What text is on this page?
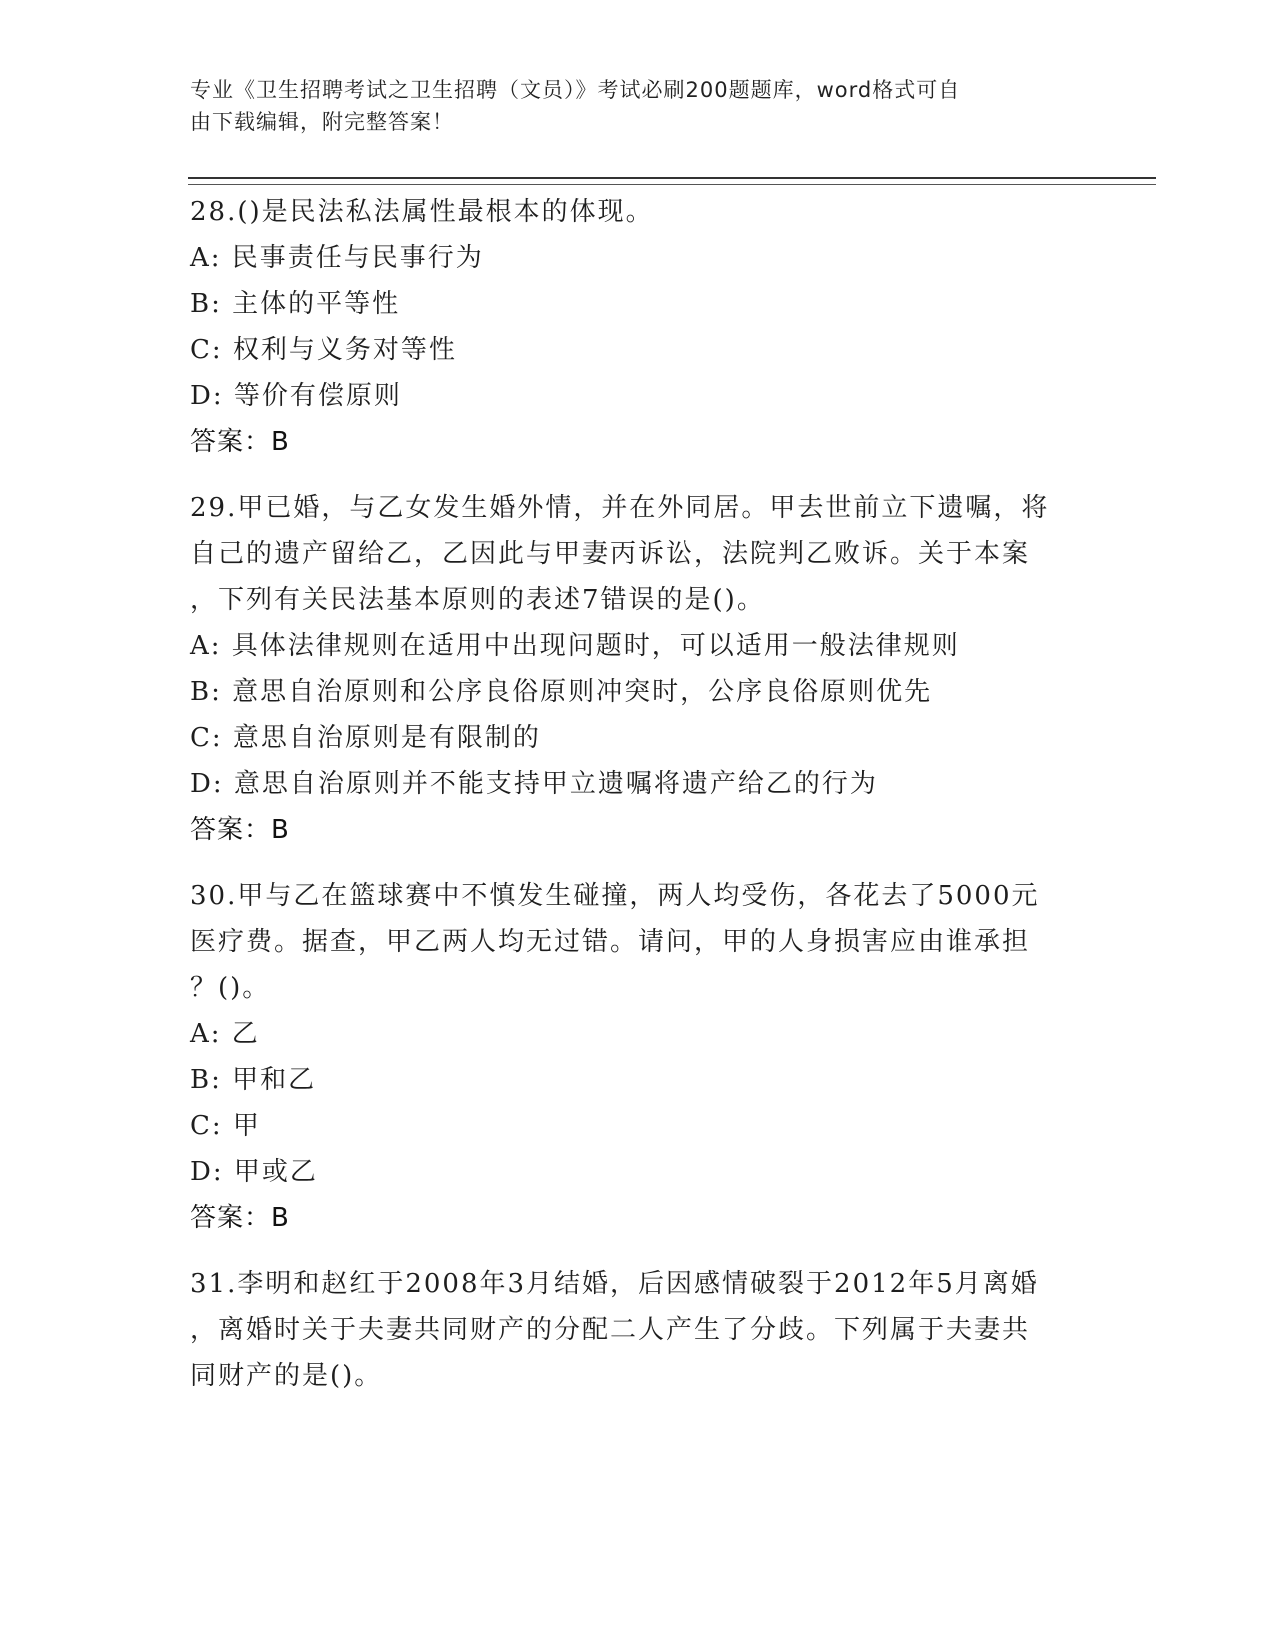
专业《卫生招聘考试之卫生招聘（文员）》考试必刷200题题库，word格式可自
由下载编辑，附完整答案！
28.()是民法私法属性最根本的体现。
A: 民事责任与民事行为
B: 主体的平等性
C: 权利与义务对等性
D: 等价有偿原则
答案：B
29.甲已婚，与乙女发生婚外情，并在外同居。甲去世前立下遗嘱，将
自己的遗产留给乙，乙因此与甲妻丙诉讼，法院判乙败诉。关于本案
，下列有关民法基本原则的表述7错误的是()。
A: 具体法律规则在适用中出现问题时，可以适用一般法律规则
B: 意思自治原则和公序良俗原则冲突时，公序良俗原则优先
C: 意思自治原则是有限制的
D: 意思自治原则并不能支持甲立遗嘱将遗产给乙的行为
答案：B
30.甲与乙在篮球赛中不慎发生碰撞，两人均受伤，各花去了5000元
医疗费。据查，甲乙两人均无过错。请问，甲的人身损害应由谁承担
？()。
A: 乙
B: 甲和乙
C: 甲
D: 甲或乙
答案：B
31.李明和赵红于2008年3月结婚，后因感情破裂于2012年5月离婚
，离婚时关于夫妻共同财产的分配二人产生了分歧。下列属于夫妻共
同财产的是()。
